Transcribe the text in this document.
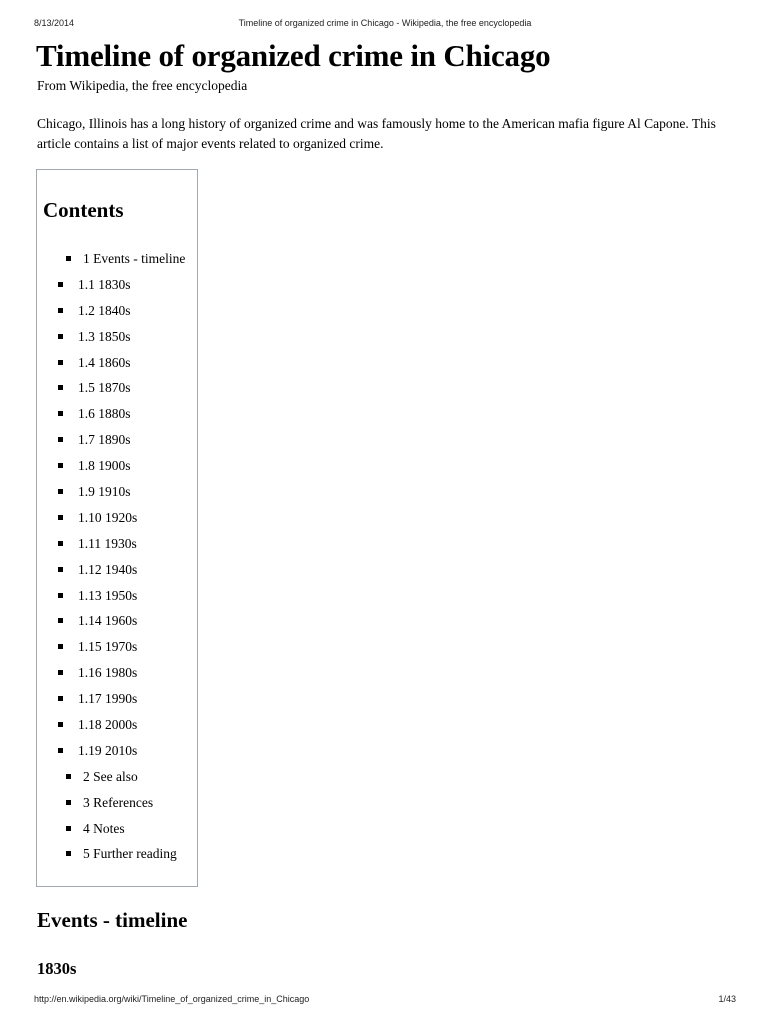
8/13/2014	Timeline of organized crime in Chicago - Wikipedia, the free encyclopedia
Timeline of organized crime in Chicago
From Wikipedia, the free encyclopedia

Chicago, Illinois has a long history of organized crime and was famously home to the American mafia figure Al Capone. This article contains a list of major events related to organized crime.

Contents
1 Events - timeline
1.1 1830s
1.2 1840s
1.3 1850s
1.4 1860s
1.5 1870s
1.6 1880s
1.7 1890s
1.8 1900s
1.9 1910s
1.10 1920s
1.11 1930s
1.12 1940s
1.13 1950s
1.14 1960s
1.15 1970s
1.16 1980s
1.17 1990s
1.18 2000s
1.19 2010s
2 See also
3 References
4 Notes
5 Further reading
Events - timeline
1830s
http://en.wikipedia.org/wiki/Timeline_of_organized_crime_in_Chicago	1/43
